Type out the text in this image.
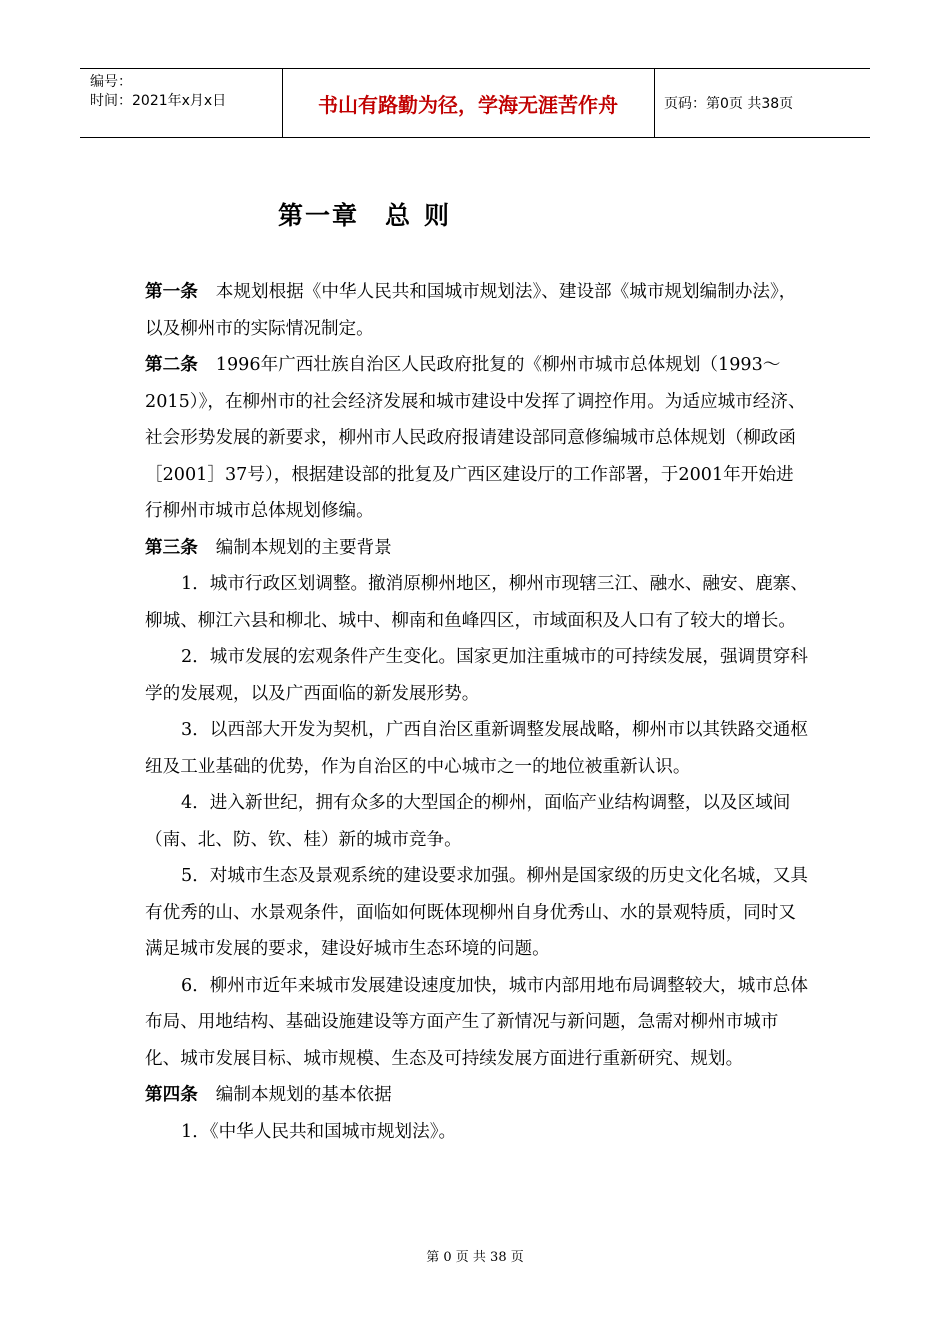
编号：
时间：2021年x月x日	书山有路勤为径，学海无涯苦作舟	页码：第0页 共38页
第一章 总 则

第一条 本规划根据《中华人民共和国城市规划法》、建设部《城市规划编制办法》，以及柳州市的实际情况制定。

第二条 1996年广西壮族自治区人民政府批复的《柳州市城市总体规划（1993～2015）》，在柳州市的社会经济发展和城市建设中发挥了调控作用。为适应城市经济、社会形势发展的新要求，柳州市人民政府报请建设部同意修编城市总体规划（柳政函［2001］37号），根据建设部的批复及广西区建设厅的工作部署，于2001年开始进行柳州市城市总体规划修编。

第三条 编制本规划的主要背景

1．城市行政区划调整。撤消原柳州地区，柳州市现辖三江、融水、融安、鹿寨、柳城、柳江六县和柳北、城中、柳南和鱼峰四区，市域面积及人口有了较大的增长。

2．城市发展的宏观条件产生变化。国家更加注重城市的可持续发展，强调贯穿科学的发展观，以及广西面临的新发展形势。

3．以西部大开发为契机，广西自治区重新调整发展战略，柳州市以其铁路交通枢纽及工业基础的优势，作为自治区的中心城市之一的地位被重新认识。

4．进入新世纪，拥有众多的大型国企的柳州，面临产业结构调整，以及区域间（南、北、防、钦、桂）新的城市竞争。

5．对城市生态及景观系统的建设要求加强。柳州是国家级的历史文化名城，又具有优秀的山、水景观条件，面临如何既体现柳州自身优秀山、水的景观特质，同时又满足城市发展的要求，建设好城市生态环境的问题。

6．柳州市近年来城市发展建设速度加快，城市内部用地布局调整较大，城市总体布局、用地结构、基础设施建设等方面产生了新情况与新问题，急需对柳州市城市化、城市发展目标、城市规模、生态及可持续发展方面进行重新研究、规划。

第四条 编制本规划的基本依据

1．《中华人民共和国城市规划法》。

第 0 页 共 38 页
